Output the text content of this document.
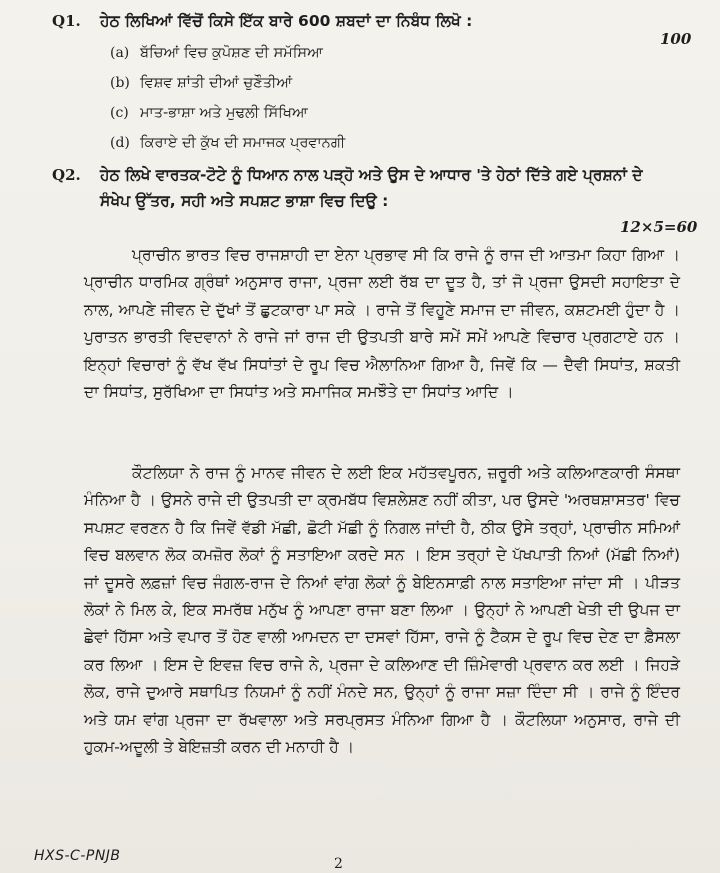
Q1. ਹੇਠ ਲਿਖਿਆਂ ਵਿੱਚੋਂ ਕਿਸੇ ਇੱਕ ਬਾਰੇ 600 ਸ਼ਬਦਾਂ ਦਾ ਨਿਬੰਧ ਲਿਖੋ :
100
(a) ਬੱਚਿਆਂ ਵਿਚ ਕੁਪੋਸ਼ਣ ਦੀ ਸਮੱਸਿਆ
(b) ਵਿਸ਼ਵ ਸ਼ਾਂਤੀ ਦੀਆਂ ਚੁਣੌਤੀਆਂ
(c) ਮਾਤ-ਭਾਸ਼ਾ ਅਤੇ ਮੁਢਲੀ ਸਿੱਖਿਆ
(d) ਕਿਰਾਏ ਦੀ ਕੁੱਖ ਦੀ ਸਮਾਜਕ ਪ੍ਰਵਾਨਗੀ
Q2. ਹੇਠ ਲਿਖੇ ਵਾਰਤਕ-ਟੋਟੇ ਨੂੰ ਧਿਆਨ ਨਾਲ ਪੜ੍ਹੋ ਅਤੇ ਉਸ ਦੇ ਆਧਾਰ 'ਤੇ ਹੇਠਾਂ ਦਿੱਤੇ ਗਏ ਪ੍ਰਸ਼ਨਾਂ ਦੇ ਸੰਖੇਪ ਉੱਤਰ, ਸਹੀ ਅਤੇ ਸਪਸ਼ਟ ਭਾਸ਼ਾ ਵਿਚ ਦਿਉ :
12×5=60
ਪ੍ਰਾਚੀਨ ਭਾਰਤ ਵਿਚ ਰਾਜਸ਼ਾਹੀ ਦਾ ਏਨਾ ਪ੍ਰਭਾਵ ਸੀ ਕਿ ਰਾਜੇ ਨੂੰ ਰਾਜ ਦੀ ਆਤਮਾ ਕਿਹਾ ਗਿਆ । ਪ੍ਰਾਚੀਨ ਧਾਰਮਿਕ ਗ੍ਰੰਥਾਂ ਅਨੁਸਾਰ ਰਾਜਾ, ਪ੍ਰਜਾ ਲਈ ਰੱਬ ਦਾ ਦੂਤ ਹੈ, ਤਾਂ ਜੋ ਪ੍ਰਜਾ ਉਸਦੀ ਸਹਾਇਤਾ ਦੇ ਨਾਲ, ਆਪਣੇ ਜੀਵਨ ਦੇ ਦੁੱਖਾਂ ਤੋਂ ਛੁਟਕਾਰਾ ਪਾ ਸਕੇ । ਰਾਜੇ ਤੋਂ ਵਿਹੂਣੇ ਸਮਾਜ ਦਾ ਜੀਵਨ, ਕਸ਼ਟਮਈ ਹੁੰਦਾ ਹੈ । ਪੁਰਾਤਨ ਭਾਰਤੀ ਵਿਦਵਾਨਾਂ ਨੇ ਰਾਜੇ ਜਾਂ ਰਾਜ ਦੀ ਉਤਪਤੀ ਬਾਰੇ ਸਮੇਂ ਸਮੇਂ ਆਪਣੇ ਵਿਚਾਰ ਪ੍ਰਗਟਾਏ ਹਨ । ਇਨ੍ਹਾਂ ਵਿਚਾਰਾਂ ਨੂੰ ਵੱਖ ਵੱਖ ਸਿਧਾਂਤਾਂ ਦੇ ਰੂਪ ਵਿਚ ਐਲਾਨਿਆ ਗਿਆ ਹੈ, ਜਿਵੇਂ ਕਿ — ਦੈਵੀ ਸਿਧਾਂਤ, ਸ਼ਕਤੀ ਦਾ ਸਿਧਾਂਤ, ਸੁਰੱਖਿਆ ਦਾ ਸਿਧਾਂਤ ਅਤੇ ਸਮਾਜਿਕ ਸਮਝੌਤੇ ਦਾ ਸਿਧਾਂਤ ਆਦਿ ।
ਕੌਟਲਿਯਾ ਨੇ ਰਾਜ ਨੂੰ ਮਾਨਵ ਜੀਵਨ ਦੇ ਲਈ ਇਕ ਮਹੱਤਵਪੂਰਨ, ਜ਼ਰੂਰੀ ਅਤੇ ਕਲਿਆਣਕਾਰੀ ਸੰਸਥਾ ਮੰਨਿਆ ਹੈ । ਉਸਨੇ ਰਾਜੇ ਦੀ ਉਤਪਤੀ ਦਾ ਕ੍ਰਮਬੱਧ ਵਿਸ਼ਲੇਸ਼ਣ ਨਹੀਂ ਕੀਤਾ, ਪਰ ਉਸਦੇ 'ਅਰਥਸ਼ਾਸਤਰ' ਵਿਚ ਸਪਸ਼ਟ ਵਰਣਨ ਹੈ ਕਿ ਜਿਵੇਂ ਵੱਡੀ ਮੱਛੀ, ਛੋਟੀ ਮੱਛੀ ਨੂੰ ਨਿਗਲ ਜਾਂਦੀ ਹੈ, ਠੀਕ ਉਸੇ ਤਰ੍ਹਾਂ, ਪ੍ਰਾਚੀਨ ਸਮਿਆਂ ਵਿਚ ਬਲਵਾਨ ਲੋਕ ਕਮਜ਼ੋਰ ਲੋਕਾਂ ਨੂੰ ਸਤਾਇਆ ਕਰਦੇ ਸਨ । ਇਸ ਤਰ੍ਹਾਂ ਦੇ ਪੱਖਪਾਤੀ ਨਿਆਂ (ਮੱਛੀ ਨਿਆਂ) ਜਾਂ ਦੂਸਰੇ ਲਫ਼ਜ਼ਾਂ ਵਿਚ ਜੰਗਲ-ਰਾਜ ਦੇ ਨਿਆਂ ਵਾਂਗ ਲੋਕਾਂ ਨੂੰ ਬੇਇਨਸਾਫ਼ੀ ਨਾਲ ਸਤਾਇਆ ਜਾਂਦਾ ਸੀ । ਪੀੜਤ ਲੋਕਾਂ ਨੇ ਮਿਲ ਕੇ, ਇਕ ਸਮਰੱਥ ਮਨੁੱਖ ਨੂੰ ਆਪਣਾ ਰਾਜਾ ਬਣਾ ਲਿਆ । ਉਨ੍ਹਾਂ ਨੇ ਆਪਣੀ ਖੇਤੀ ਦੀ ਉਪਜ ਦਾ ਛੇਵਾਂ ਹਿੱਸਾ ਅਤੇ ਵਪਾਰ ਤੋਂ ਹੋਣ ਵਾਲੀ ਆਮਦਨ ਦਾ ਦਸਵਾਂ ਹਿੱਸਾ, ਰਾਜੇ ਨੂੰ ਟੈਕਸ ਦੇ ਰੂਪ ਵਿਚ ਦੇਣ ਦਾ ਫ਼ੈਸਲਾ ਕਰ ਲਿਆ । ਇਸ ਦੇ ਇਵਜ਼ ਵਿਚ ਰਾਜੇ ਨੇ, ਪ੍ਰਜਾ ਦੇ ਕਲਿਆਣ ਦੀ ਜ਼ਿੰਮੇਵਾਰੀ ਪ੍ਰਵਾਨ ਕਰ ਲਈ । ਜਿਹੜੇ ਲੋਕ, ਰਾਜੇ ਦੁਆਰੇ ਸਥਾਪਿਤ ਨਿਯਮਾਂ ਨੂੰ ਨਹੀਂ ਮੰਨਦੇ ਸਨ, ਉਨ੍ਹਾਂ ਨੂੰ ਰਾਜਾ ਸਜ਼ਾ ਦਿੰਦਾ ਸੀ । ਰਾਜੇ ਨੂੰ ਇੰਦਰ ਅਤੇ ਯਮ ਵਾਂਗ ਪ੍ਰਜਾ ਦਾ ਰੱਖਵਾਲਾ ਅਤੇ ਸਰਪ੍ਰਸਤ ਮੰਨਿਆ ਗਿਆ ਹੈ । ਕੌਟਲਿਯਾ ਅਨੁਸਾਰ, ਰਾਜੇ ਦੀ ਹੁਕਮ-ਅਦੂਲੀ ਤੇ ਬੇਇਜ਼ਤੀ ਕਰਨ ਦੀ ਮਨਾਹੀ ਹੈ ।
HXS-C-PNJB	2
